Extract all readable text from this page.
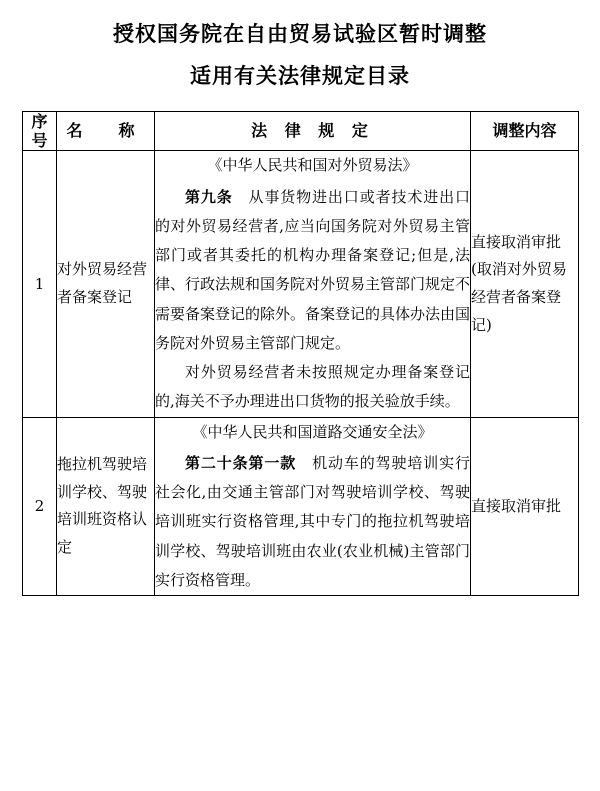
授权国务院在自由贸易试验区暂时调整
适用有关法律规定目录
序
号	名　称	法 律 规 定	调整内容
1	对外贸易经营者备案登记	《中华人民共和国对外贸易法》
第九条　 从事货物进出口或者技术进出口的对外贸易经营者,应当向国务院对外贸易主管部门或者其委托的机构办理备案登记;但是,法律、行政法规和国务院对外贸易主管部门规定不需要备案登记的除外。备案登记的具体办法由国务院对外贸易主管部门规定。
对外贸易经营者未按照规定办理备案登记的,海关不予办理进出口货物的报关验放手续。	直接取消审批(取消对外贸易经营者备案登记)
2	拖拉机驾驶培训学校、驾驶培训班资格认定	《中华人民共和国道路交通安全法》
第二十条第一款　 机动车的驾驶培训实行社会化,由交通主管部门对驾驶培训学校、驾驶培训班实行资格管理,其中专门的拖拉机驾驶培训学校、驾驶培训班由农业(农业机械)主管部门实行资格管理。	直接取消审批
